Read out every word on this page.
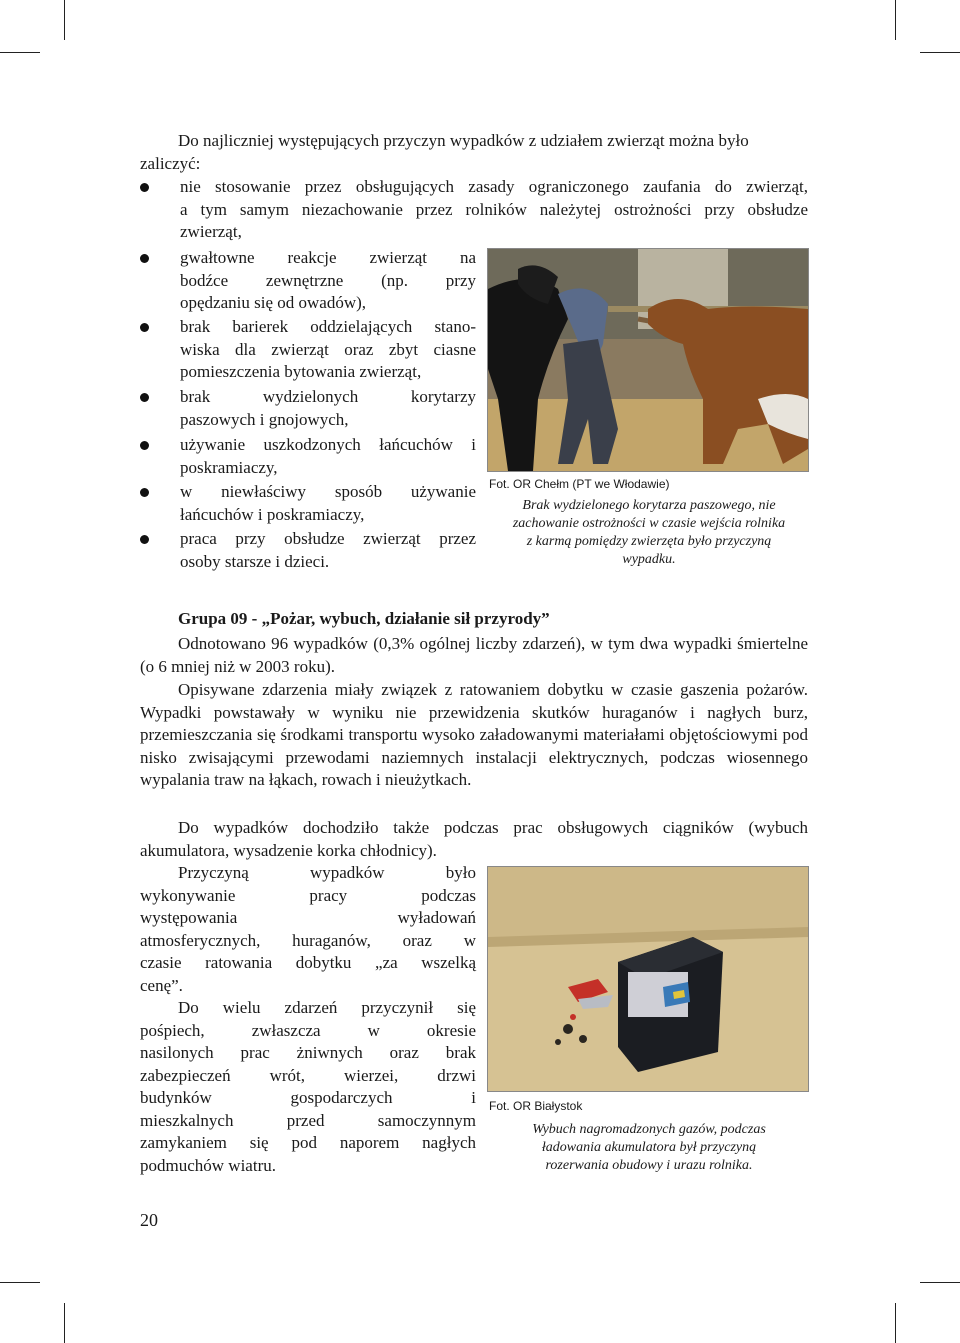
Do najliczniej występujących przyczyn wypadków z udziałem zwierząt można było
zaliczyć:
nie stosowanie przez obsługujących zasady ograniczonego zaufania do zwierząt,
a tym samym niezachowanie przez rolników należytej ostrożności przy obsłudze
zwierząt,
gwałtowne reakcje zwierząt na
bodźce zewnętrzne (np. przy
opędzaniu się od owadów),
brak barierek oddzielających stano-
wiska dla zwierząt oraz zbyt ciasne
pomieszczenia bytowania zwierząt,
brak wydzielonych korytarzy
paszowych i gnojowych,
używanie uszkodzonych łańcuchów i
poskramiaczy,
w niewłaściwy sposób używanie
łańcuchów i poskramiaczy,
praca przy obsłudze zwierząt przez
osoby starsze i dzieci.
Fot. OR Chełm (PT we Włodawie)
Brak wydzielonego korytarza paszowego, nie
zachowanie ostrożności w czasie wejścia rolnika
z karmą pomiędzy zwierzęta było przyczyną
wypadku.
Grupa 09 - „Pożar, wybuch, działanie sił przyrody”
Odnotowano 96 wypadków (0,3% ogólnej liczby zdarzeń), w tym dwa wypadki śmiertelne (o 6 mniej niż w 2003 roku).
Opisywane zdarzenia miały związek z ratowaniem dobytku w czasie gaszenia pożarów. Wypadki powstawały w wyniku nie przewidzenia skutków huraganów i nagłych burz, przemieszczania się środkami transportu wysoko załadowanymi materiałami objętościowymi pod nisko zwisającymi przewodami naziemnych instalacji elektrycznych, podczas wiosennego wypalania traw na łąkach, rowach i nieużytkach.
Do wypadków dochodziło także podczas prac obsługowych ciągników (wybuch akumulatora, wysadzenie korka chłodnicy).
Przyczyną wypadków było
wykonywanie pracy podczas
występowania wyładowań
atmosferycznych, huraganów, oraz w
czasie ratowania dobytku „za wszelką
cenę”.
Do wielu zdarzeń przyczynił się
pośpiech, zwłaszcza w okresie
nasilonych prac żniwnych oraz brak
zabezpieczeń wrót, wierzei, drzwi
budynków gospodarczych i
mieszkalnych przed samoczynnym
zamykaniem się pod naporem nagłych
podmuchów wiatru.
Fot. OR Białystok
Wybuch nagromadzonych gazów, podczas
ładowania akumulatora był przyczyną
rozerwania obudowy i urazu rolnika.
20
